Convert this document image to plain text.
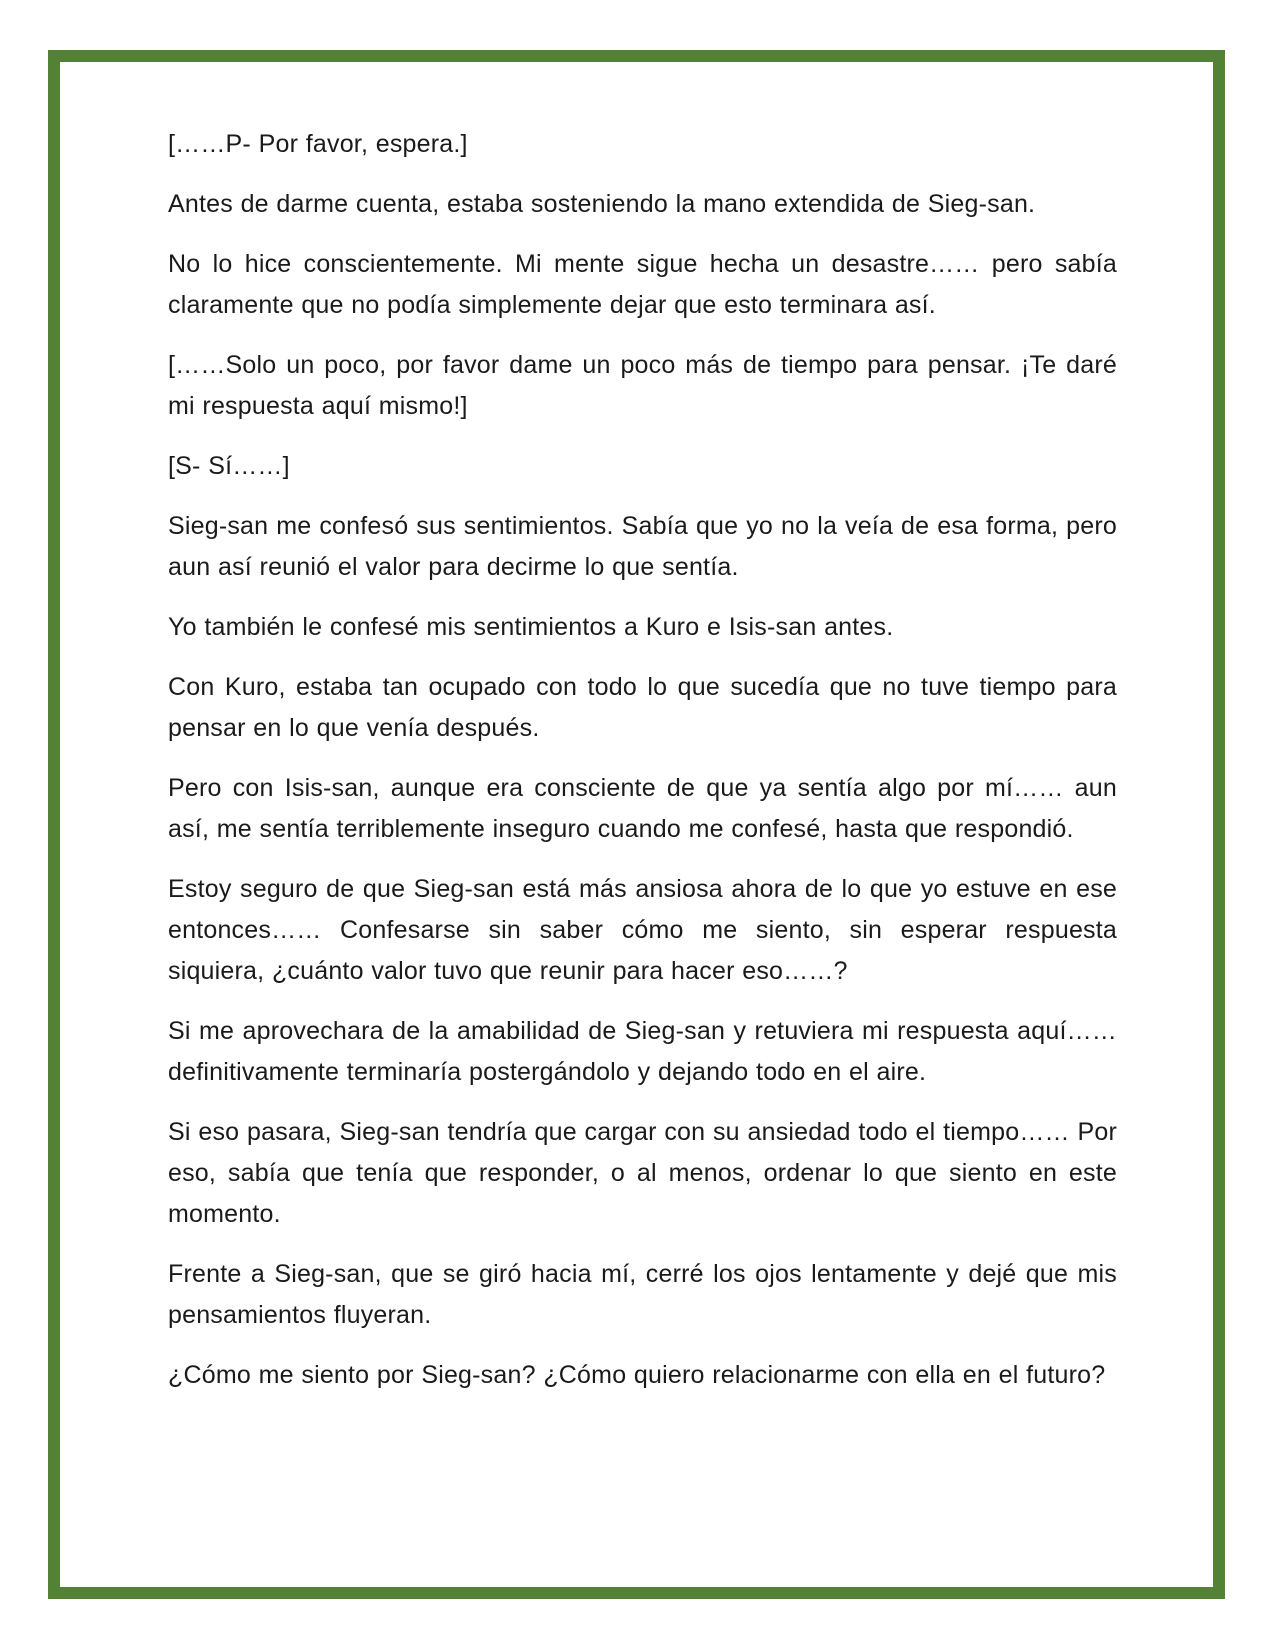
[……P- Por favor, espera.]

Antes de darme cuenta, estaba sosteniendo la mano extendida de Sieg-san.

No lo hice conscientemente. Mi mente sigue hecha un desastre…… pero sabía claramente que no podía simplemente dejar que esto terminara así.

[……Solo un poco, por favor dame un poco más de tiempo para pensar. ¡Te daré mi respuesta aquí mismo!]

[S- Sí……]

Sieg-san me confesó sus sentimientos. Sabía que yo no la veía de esa forma, pero aun así reunió el valor para decirme lo que sentía.

Yo también le confesé mis sentimientos a Kuro e Isis-san antes.

Con Kuro, estaba tan ocupado con todo lo que sucedía que no tuve tiempo para pensar en lo que venía después.

Pero con Isis-san, aunque era consciente de que ya sentía algo por mí…… aun así, me sentía terriblemente inseguro cuando me confesé, hasta que respondió.

Estoy seguro de que Sieg-san está más ansiosa ahora de lo que yo estuve en ese entonces…… Confesarse sin saber cómo me siento, sin esperar respuesta siquiera, ¿cuánto valor tuvo que reunir para hacer eso……?

Si me aprovechara de la amabilidad de Sieg-san y retuviera mi respuesta aquí…… definitivamente terminaría postergándolo y dejando todo en el aire.

Si eso pasara, Sieg-san tendría que cargar con su ansiedad todo el tiempo…… Por eso, sabía que tenía que responder, o al menos, ordenar lo que siento en este momento.

Frente a Sieg-san, que se giró hacia mí, cerré los ojos lentamente y dejé que mis pensamientos fluyeran.

¿Cómo me siento por Sieg-san? ¿Cómo quiero relacionarme con ella en el futuro?
